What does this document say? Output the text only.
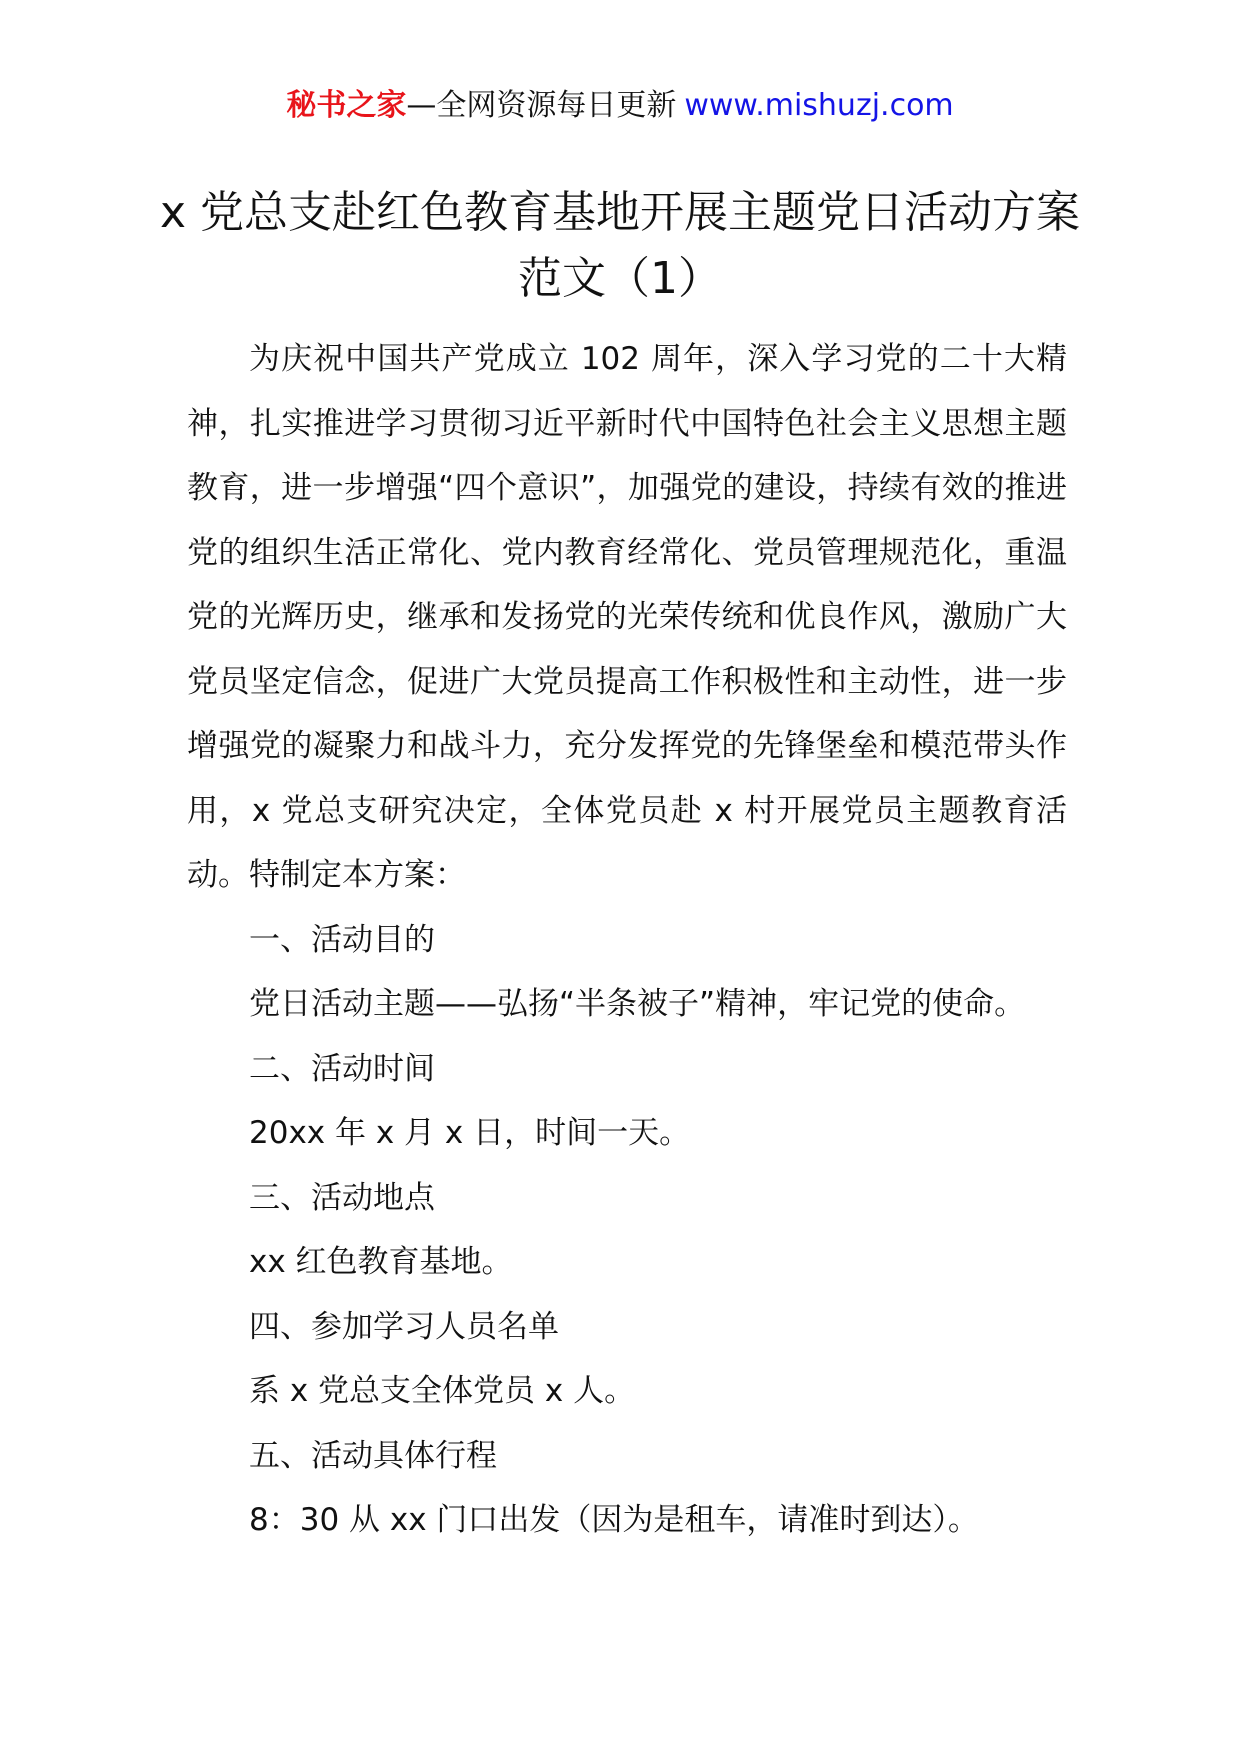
秘书之家—全网资源每日更新 www.mishuzj.com
x 党总支赴红色教育基地开展主题党日活动方案范文（1）

为庆祝中国共产党成立 102 周年，深入学习党的二十大精神，扎实推进学习贯彻习近平新时代中国特色社会主义思想主题教育，进一步增强“四个意识”，加强党的建设，持续有效的推进党的组织生活正常化、党内教育经常化、党员管理规范化，重温党的光辉历史，继承和发扬党的光荣传统和优良作风，激励广大党员坚定信念，促进广大党员提高工作积极性和主动性，进一步增强党的凝聚力和战斗力，充分发挥党的先锋堡垒和模范带头作用，x 党总支研究决定，全体党员赴 x 村开展党员主题教育活动。特制定本方案：

一、活动目的

党日活动主题——弘扬“半条被子”精神，牢记党的使命。

二、活动时间

20xx 年 x 月 x 日，时间一天。

三、活动地点

xx 红色教育基地。

四、参加学习人员名单

系 x 党总支全体党员 x 人。

五、活动具体行程

8：30 从 xx 门口出发（因为是租车，请准时到达）。
